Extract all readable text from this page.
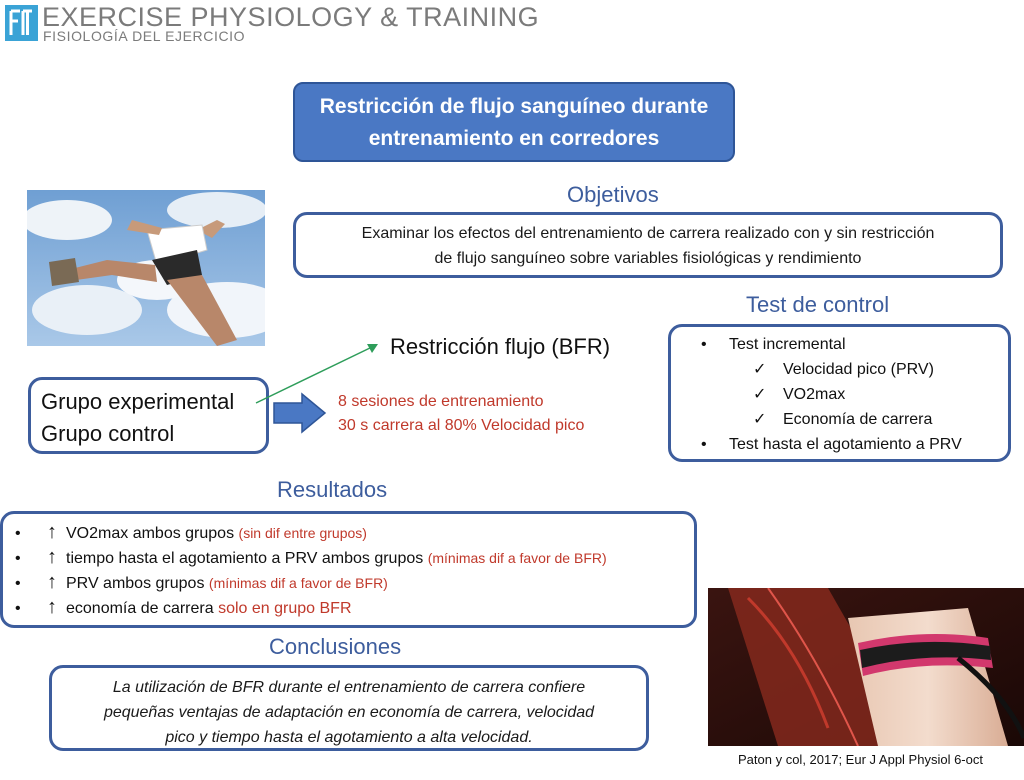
EXERCISE PHYSIOLOGY & TRAINING
FISIOLOGÍA DEL EJERCICIO
Restricción de flujo sanguíneo durante
entrenamiento en corredores
Objetivos
Examinar los efectos del entrenamiento de carrera realizado con y sin restricción
de flujo sanguíneo sobre variables fisiológicas y rendimiento
Test de control
• Test incremental

✓ Velocidad pico (PRV)

✓ VO2max

✓ Economía de carrera

• Test hasta el agotamiento a PRV

Grupo experimental
Grupo control
Restricción flujo (BFR)
8 sesiones de entrenamiento
30 s carrera al 80% Velocidad pico
Resultados
• ↑ VO2max ambos grupos (sin dif entre grupos)
• ↑ tiempo hasta el agotamiento a PRV ambos grupos (mínimas dif a favor de BFR)
• ↑ PRV ambos grupos (mínimas dif a favor de BFR)
• ↑ economía de carrera solo en grupo BFR
Conclusiones
La utilización de BFR durante el entrenamiento de carrera confiere
pequeñas ventajas de adaptación en economía de carrera, velocidad
pico y tiempo hasta el agotamiento a alta velocidad.
Paton y col, 2017; Eur J Appl Physiol 6-oct
